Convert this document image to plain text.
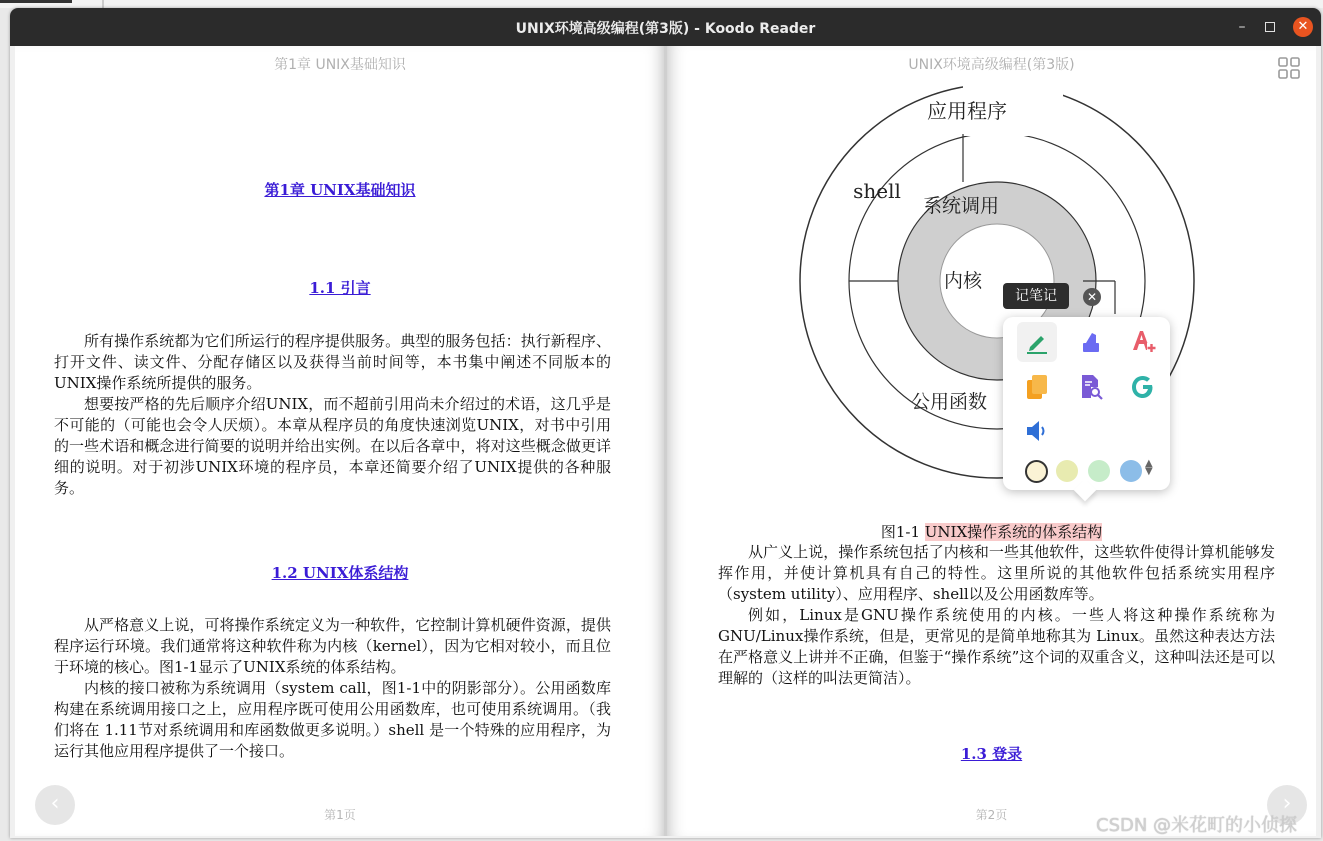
UNIX环境高级编程(第3版) - Koodo Reader	–	✕
第1章 UNIX基础知识
第1章 UNIX基础知识
1.1 引言

所有操作系统都为它们所运行的程序提供服务。典型的服务包括：执行新程序、打开文件、读文件、分配存储区以及获得当前时间等，本书集中阐述不同版本的UNIX操作系统所提供的服务。

想要按严格的先后顺序介绍UNIX，而不超前引用尚未介绍过的术语，这几乎是不可能的（可能也会令人厌烦）。本章从程序员的角度快速浏览UNIX，对书中引用的一些术语和概念进行简要的说明并给出实例。在以后各章中，将对这些概念做更详细的说明。对于初涉UNIX环境的程序员，本章还简要介绍了UNIX提供的各种服务。

1.2 UNIX体系结构

从严格意义上说，可将操作系统定义为一种软件，它控制计算机硬件资源，提供程序运行环境。我们通常将这种软件称为内核（kernel），因为它相对较小，而且位于环境的核心。图1-1显示了UNIX系统的体系结构。

内核的接口被称为系统调用（system call，图1-1中的阴影部分）。公用函数库构建在系统调用接口之上，应用程序既可使用公用函数库，也可使用系统调用。（我们将在 1.11节对系统调用和库函数做更多说明。）shell 是一个特殊的应用程序，为运行其他应用程序提供了一个接口。

第1页
UNIX环境高级编程(第3版)
应用程序
shell
系统调用
内核
公用函数
图1-1 UNIX操作系统的体系结构

从广义上说，操作系统包括了内核和一些其他软件，这些软件使得计算机能够发挥作用，并使计算机具有自己的特性。这里所说的其他软件包括系统实用程序（system utility）、应用程序、shell以及公用函数库等。

例如，Linux是GNU操作系统使用的内核。一些人将这种操作系统称为GNU/Linux操作系统，但是，更常见的是简单地称其为 Linux。虽然这种表达方法在严格意义上讲并不正确，但鉴于“操作系统”这个词的双重含义，这种叫法还是可以理解的（这样的叫法更简洁）。

1.3 登录
第2页
‹	›
▲
▼
记笔记	✕
CSDN @米花町的小侦探
